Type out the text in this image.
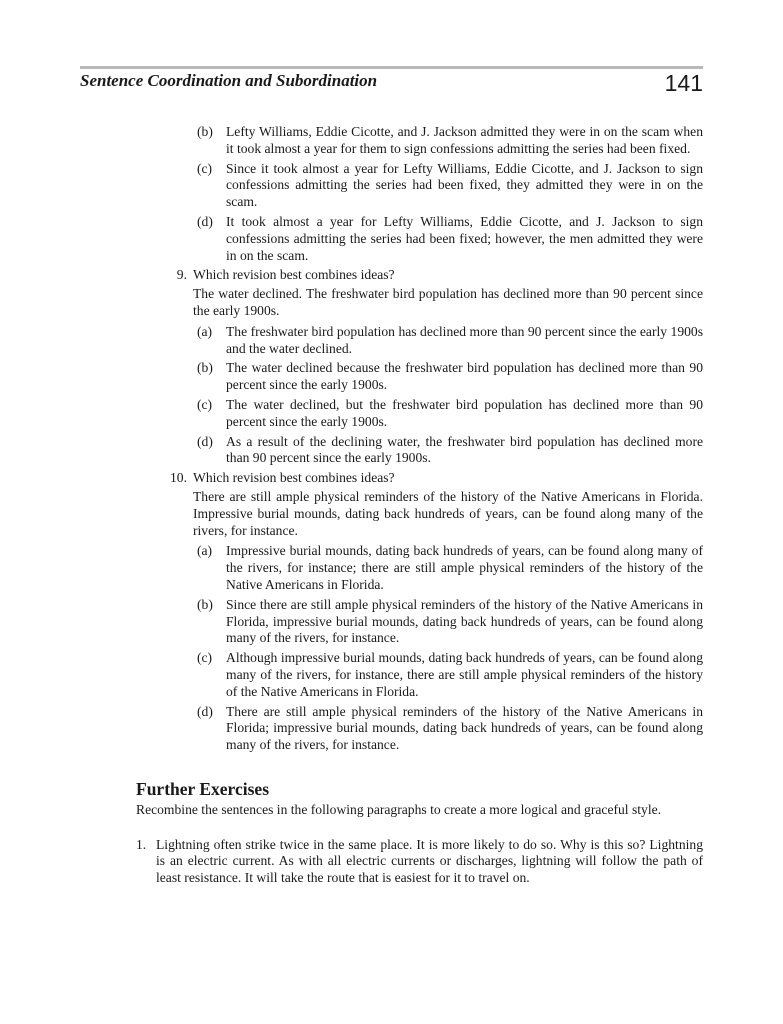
Sentence Coordination and Subordination	141
(b) Lefty Williams, Eddie Cicotte, and J. Jackson admitted they were in on the scam when it took almost a year for them to sign confessions admitting the series had been fixed.

(c) Since it took almost a year for Lefty Williams, Eddie Cicotte, and J. Jackson to sign confessions admitting the series had been fixed, they admitted they were in on the scam.

(d) It took almost a year for Lefty Williams, Eddie Cicotte, and J. Jackson to sign confessions admitting the series had been fixed; however, the men admitted they were in on the scam.

9. Which revision best combines ideas?

The water declined. The freshwater bird population has declined more than 90 percent since the early 1900s.

(a) The freshwater bird population has declined more than 90 percent since the early 1900s and the water declined.

(b) The water declined because the freshwater bird population has declined more than 90 percent since the early 1900s.

(c) The water declined, but the freshwater bird population has declined more than 90 percent since the early 1900s.

(d) As a result of the declining water, the freshwater bird population has declined more than 90 percent since the early 1900s.

10. Which revision best combines ideas?

There are still ample physical reminders of the history of the Native Americans in Florida. Impressive burial mounds, dating back hundreds of years, can be found along many of the rivers, for instance.

(a) Impressive burial mounds, dating back hundreds of years, can be found along many of the rivers, for instance; there are still ample physical reminders of the history of the Native Americans in Florida.

(b) Since there are still ample physical reminders of the history of the Native Americans in Florida, impressive burial mounds, dating back hundreds of years, can be found along many of the rivers, for instance.

(c) Although impressive burial mounds, dating back hundreds of years, can be found along many of the rivers, for instance, there are still ample physical reminders of the history of the Native Americans in Florida.

(d) There are still ample physical reminders of the history of the Native Americans in Florida; impressive burial mounds, dating back hundreds of years, can be found along many of the rivers, for instance.

Further Exercises

Recombine the sentences in the following paragraphs to create a more logical and graceful style.

1. Lightning often strike twice in the same place. It is more likely to do so. Why is this so? Lightning is an electric current. As with all electric currents or discharges, lightning will follow the path of least resistance. It will take the route that is easiest for it to travel on.
